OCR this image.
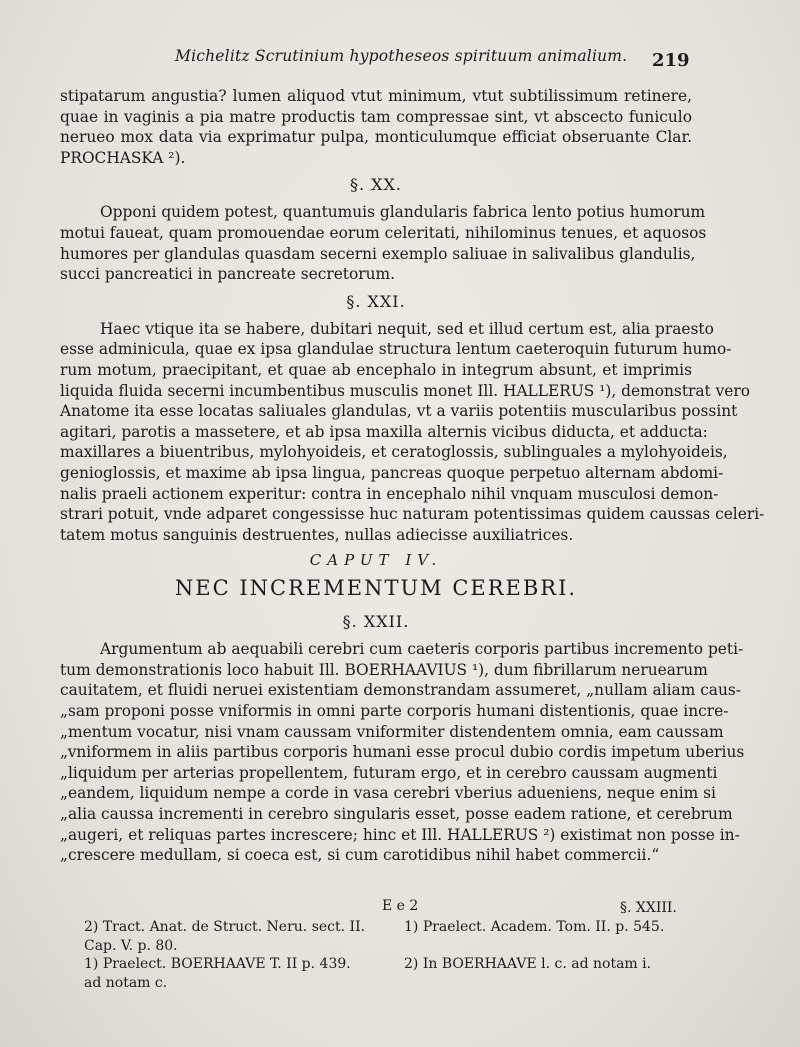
Michelitz Scrutinium hypotheseos spirituum animalium. 219
stipatarum angustia? lumen aliquod vtut minimum, vtut subtilissimum retinere,
quae in vaginis a pia matre productis tam compressae sint, vt abscecto funiculo
nerueo mox data via exprimatur pulpa, monticulumque efficiat obseruante Clar.
PROCHASKA ²).
§. XX.
Opponi quidem potest, quantumuis glandularis fabrica lento potius humorum
motui faueat, quam promouendae eorum celeritati, nihilominus tenues, et aquosos
humores per glandulas quasdam secerni exemplo saliuae in salivalibus glandulis,
succi pancreatici in pancreate secretorum.
§. XXI.
Haec vtique ita se habere, dubitari nequit, sed et illud certum est, alia praesto
esse adminicula, quae ex ipsa glandulae structura lentum caeteroquin futurum humo-
rum motum, praecipitant, et quae ab encephalo in integrum absunt, et imprimis
liquida fluida secerni incumbentibus musculis monet Ill. HALLERUS ¹), demonstrat vero
Anatome ita esse locatas saliuales glandulas, vt a variis potentiis muscularibus possint
agitari, parotis a massetere, et ab ipsa maxilla alternis vicibus diducta, et adducta:
maxillares a biuentribus, mylohyoideis, et ceratoglossis, sublinguales a mylohyoideis,
genioglossis, et maxime ab ipsa lingua, pancreas quoque perpetuo alternam abdomi-
nalis praeli actionem experitur: contra in encephalo nihil vnquam musculosi demon-
strari potuit, vnde adparet congessisse huc naturam potentissimas quidem caussas celeri-
tatem motus sanguinis destruentes, nullas adiecisse auxiliatrices.
CAPUT IV.
NEC INCREMENTUM CEREBRI.
§. XXII.
Argumentum ab aequabili cerebri cum caeteris corporis partibus incremento peti-
tum demonstrationis loco habuit Ill. BOERHAAVIUS ¹), dum fibrillarum neruearum
cauitatem, et fluidi neruei existentiam demonstrandam assumeret, „nullam aliam caus-
„sam proponi posse vniformis in omni parte corporis humani distentionis, quae incre-
„mentum vocatur, nisi vnam caussam vniformiter distendentem omnia, eam caussam
„vniformem in aliis partibus corporis humani esse procul dubio cordis impetum uberius
„liquidum per arterias propellentem, futuram ergo, et in cerebro caussam augmenti
„eandem, liquidum nempe a corde in vasa cerebri vberius adueniens, neque enim si
„alia caussa incrementi in cerebro singularis esset, posse eadem ratione, et cerebrum
„augeri, et reliquas partes increscere; hinc et Ill. HALLERUS ²) existimat non posse in-
„crescere medullam, si coeca est, si cum carotidibus nihil habet commercii.“
E e 2	§. XXIII.
2) Tract. Anat. de Struct. Neru. sect. II.	1) Praelect. Academ. Tom. II. p. 545.
Cap. V. p. 80.
1) Praelect. BOERHAAVE T. II p. 439.	2) In BOERHAAVE l. c. ad notam i.
ad notam c.
